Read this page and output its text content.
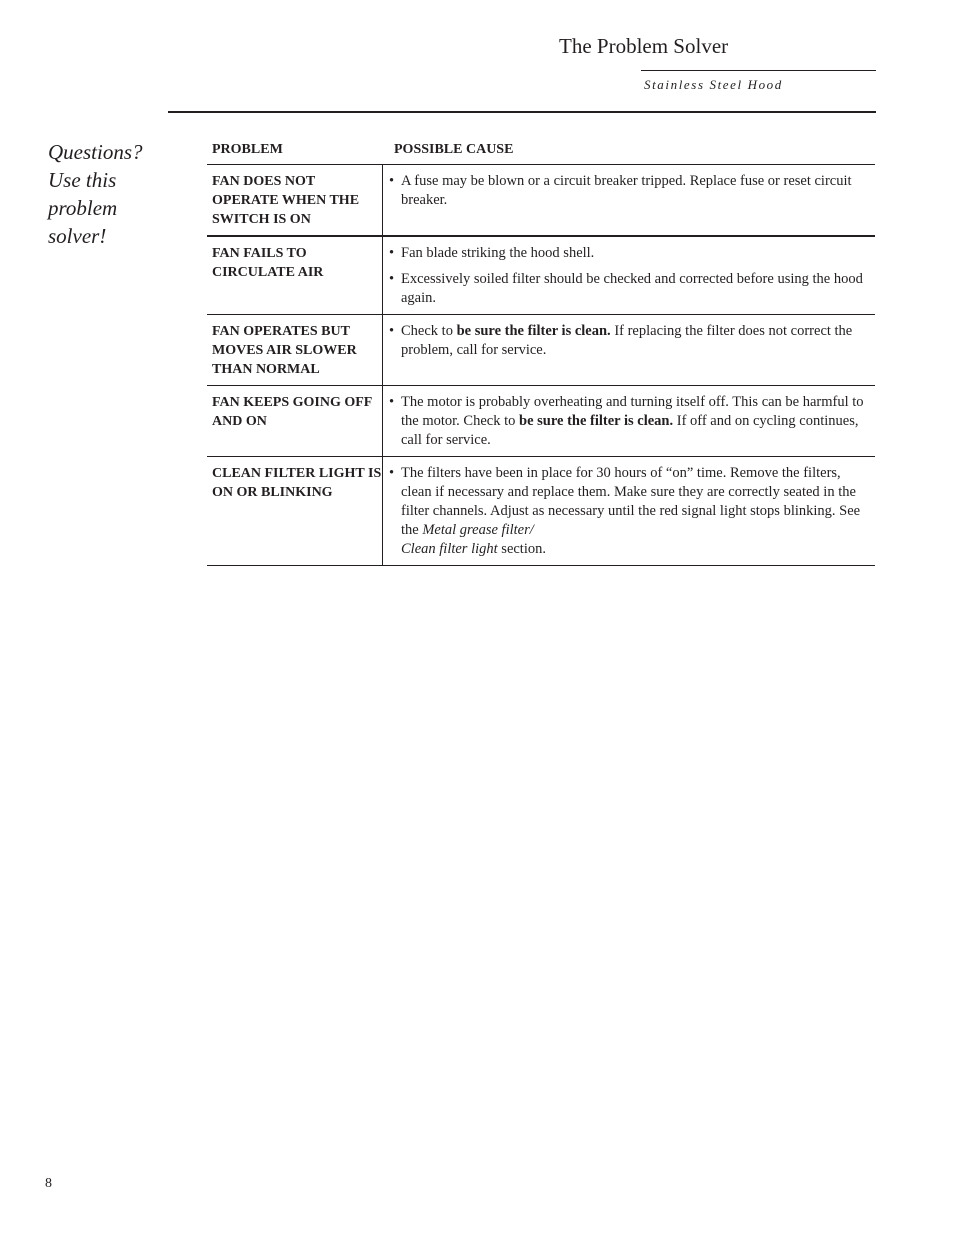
The Problem Solver
Stainless Steel Hood
Questions?
Use this
problem
solver!
PROBLEM	POSSIBLE CAUSE
FAN DOES NOT OPERATE WHEN THE SWITCH IS ON
• A fuse may be blown or a circuit breaker tripped. Replace fuse or reset circuit breaker.
FAN FAILS TO CIRCULATE AIR
• Fan blade striking the hood shell.
• Excessively soiled filter should be checked and corrected before using the hood again.
FAN OPERATES BUT MOVES AIR SLOWER THAN NORMAL
• Check to be sure the filter is clean. If replacing the filter does not correct the problem, call for service.
FAN KEEPS GOING OFF AND ON
• The motor is probably overheating and turning itself off. This can be harmful to the motor. Check to be sure the filter is clean. If off and on cycling continues, call for service.
CLEAN FILTER LIGHT IS ON OR BLINKING
• The filters have been in place for 30 hours of “on” time. Remove the filters, clean if necessary and replace them. Make sure they are correctly seated in the filter channels. Adjust as necessary until the red signal light stops blinking. See the Metal grease filter/
Clean filter light section.
8
